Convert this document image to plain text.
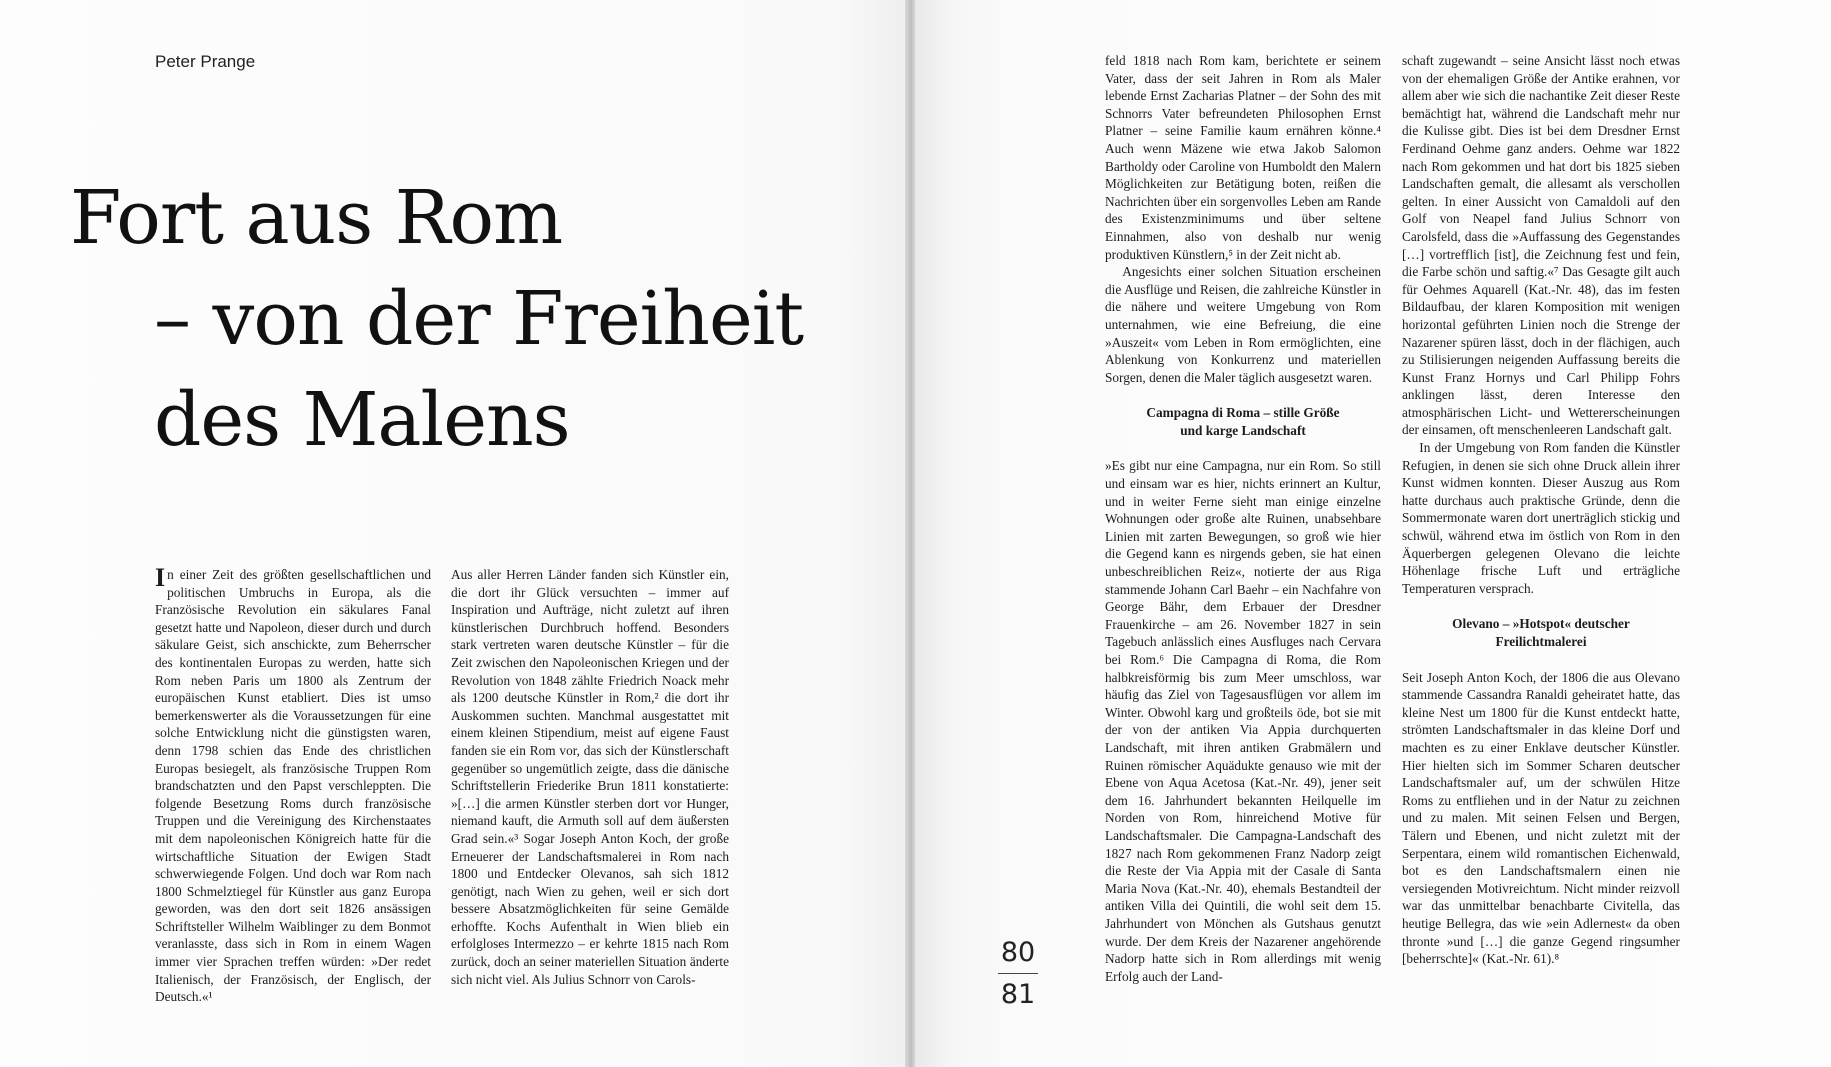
Peter Prange
Fort aus Rom
– von der Freiheit
des Malens

In einer Zeit des größten gesellschaftlichen und politischen Umbruchs in Europa, als die Französische Revolution ein säkulares Fanal gesetzt hatte und Napoleon, dieser durch und durch säkulare Geist, sich anschickte, zum Beherrscher des kontinentalen Europas zu werden, hatte sich Rom neben Paris um 1800 als Zentrum der europäischen Kunst etabliert. Dies ist umso bemerkenswerter als die Voraussetzungen für eine solche Entwicklung nicht die günstigsten waren, denn 1798 schien das Ende des christlichen Europas besiegelt, als französische Truppen Rom brandschatzten und den Papst verschleppten. Die folgende Besetzung Roms durch französische Truppen und die Vereinigung des Kirchenstaates mit dem napoleonischen Königreich hatte für die wirtschaftliche Situation der Ewigen Stadt schwerwiegende Folgen. Und doch war Rom nach 1800 Schmelztiegel für Künstler aus ganz Europa geworden, was den dort seit 1826 ansässigen Schriftsteller Wilhelm Waiblinger zu dem Bonmot veranlasste, dass sich in Rom in einem Wagen immer vier Sprachen treffen würden: »Der redet Italienisch, der Französisch, der Englisch, der Deutsch.«¹

Aus aller Herren Länder fanden sich Künstler ein, die dort ihr Glück versuchten – immer auf Inspiration und Aufträge, nicht zuletzt auf ihren künstlerischen Durchbruch hoffend. Besonders stark vertreten waren deutsche Künstler – für die Zeit zwischen den Napoleonischen Kriegen und der Revolution von 1848 zählte Friedrich Noack mehr als 1200 deutsche Künstler in Rom,² die dort ihr Auskommen suchten. Manchmal ausgestattet mit einem kleinen Stipendium, meist auf eigene Faust fanden sie ein Rom vor, das sich der Künstlerschaft gegenüber so ungemütlich zeigte, dass die dänische Schriftstellerin Friederike Brun 1811 konstatierte: »[…] die armen Künstler sterben dort vor Hunger, niemand kauft, die Armuth soll auf dem äußersten Grad sein.«³ Sogar Joseph Anton Koch, der große Erneuerer der Landschaftsmalerei in Rom nach 1800 und Entdecker Olevanos, sah sich 1812 genötigt, nach Wien zu gehen, weil er sich dort bessere Absatzmöglichkeiten für seine Gemälde erhoffte. Kochs Aufenthalt in Wien blieb ein erfolgloses Intermezzo – er kehrte 1815 nach Rom zurück, doch an seiner materiellen Situation änderte sich nicht viel. Als Julius Schnorr von Carols-

feld 1818 nach Rom kam, berichtete er seinem Vater, dass der seit Jahren in Rom als Maler lebende Ernst Zacharias Platner – der Sohn des mit Schnorrs Vater befreundeten Philosophen Ernst Platner – seine Familie kaum ernähren könne.⁴ Auch wenn Mäzene wie etwa Jakob Salomon Bartholdy oder Caroline von Humboldt den Malern Möglichkeiten zur Betätigung boten, reißen die Nachrichten über ein sorgenvolles Leben am Rande des Existenzminimums und über seltene Einnahmen, also von deshalb nur wenig produktiven Künstlern,⁵ in der Zeit nicht ab.

Angesichts einer solchen Situation erscheinen die Ausflüge und Reisen, die zahlreiche Künstler in die nähere und weitere Umgebung von Rom unternahmen, wie eine Befreiung, die eine »Auszeit« vom Leben in Rom ermöglichten, eine Ablenkung von Konkurrenz und materiellen Sorgen, denen die Maler täglich ausgesetzt waren.

Campagna di Roma – stille Größe
und karge Landschaft

»Es gibt nur eine Campagna, nur ein Rom. So still und einsam war es hier, nichts erinnert an Kultur, und in weiter Ferne sieht man einige einzelne Wohnungen oder große alte Ruinen, unabsehbare Linien mit zarten Bewegungen, so groß wie hier die Gegend kann es nirgends geben, sie hat einen unbeschreiblichen Reiz«, notierte der aus Riga stammende Johann Carl Baehr – ein Nachfahre von George Bähr, dem Erbauer der Dresdner Frauenkirche – am 26. November 1827 in sein Tagebuch anlässlich eines Ausfluges nach Cervara bei Rom.⁶ Die Campagna di Roma, die Rom halbkreisförmig bis zum Meer umschloss, war häufig das Ziel von Tagesausflügen vor allem im Winter. Obwohl karg und großteils öde, bot sie mit der von der antiken Via Appia durchquerten Landschaft, mit ihren antiken Grabmälern und Ruinen römischer Aquädukte genauso wie mit der Ebene von Aqua Acetosa (Kat.-Nr. 49), jener seit dem 16. Jahrhundert bekannten Heilquelle im Norden von Rom, hinreichend Motive für Landschaftsmaler. Die Campagna-Landschaft des 1827 nach Rom gekommenen Franz Nadorp zeigt die Reste der Via Appia mit der Casale di Santa Maria Nova (Kat.-Nr. 40), ehemals Bestandteil der antiken Villa dei Quintili, die wohl seit dem 15. Jahrhundert von Mönchen als Gutshaus genutzt wurde. Der dem Kreis der Nazarener angehörende Nadorp hatte sich in Rom allerdings mit wenig Erfolg auch der Land-

schaft zugewandt – seine Ansicht lässt noch etwas von der ehemaligen Größe der Antike erahnen, vor allem aber wie sich die nachantike Zeit dieser Reste bemächtigt hat, während die Landschaft mehr nur die Kulisse gibt. Dies ist bei dem Dresdner Ernst Ferdinand Oehme ganz anders. Oehme war 1822 nach Rom gekommen und hat dort bis 1825 sieben Landschaften gemalt, die allesamt als verschollen gelten. In einer Aussicht von Camaldoli auf den Golf von Neapel fand Julius Schnorr von Carolsfeld, dass die »Auffassung des Gegenstandes […] vortrefflich [ist], die Zeichnung fest und fein, die Farbe schön und saftig.«⁷ Das Gesagte gilt auch für Oehmes Aquarell (Kat.-Nr. 48), das im festen Bildaufbau, der klaren Komposition mit wenigen horizontal geführten Linien noch die Strenge der Nazarener spüren lässt, doch in der flächigen, auch zu Stilisierungen neigenden Auffassung bereits die Kunst Franz Hornys und Carl Philipp Fohrs anklingen lässt, deren Interesse den atmosphärischen Licht- und Wettererscheinungen der einsamen, oft menschenleeren Landschaft galt.

In der Umgebung von Rom fanden die Künstler Refugien, in denen sie sich ohne Druck allein ihrer Kunst widmen konnten. Dieser Auszug aus Rom hatte durchaus auch praktische Gründe, denn die Sommermonate waren dort unerträglich stickig und schwül, während etwa im östlich von Rom in den Äquerbergen gelegenen Olevano die leichte Höhenlage frische Luft und erträgliche Temperaturen versprach.

Olevano – »Hotspot« deutscher
Freilichtmalerei

Seit Joseph Anton Koch, der 1806 die aus Olevano stammende Cassandra Ranaldi geheiratet hatte, das kleine Nest um 1800 für die Kunst entdeckt hatte, strömten Landschaftsmaler in das kleine Dorf und machten es zu einer Enklave deutscher Künstler. Hier hielten sich im Sommer Scharen deutscher Landschaftsmaler auf, um der schwülen Hitze Roms zu entfliehen und in der Natur zu zeichnen und zu malen. Mit seinen Felsen und Bergen, Tälern und Ebenen, und nicht zuletzt mit der Serpentara, einem wild romantischen Eichenwald, bot es den Landschaftsmalern einen nie versiegenden Motivreichtum. Nicht minder reizvoll war das unmittelbar benachbarte Civitella, das heutige Bellegra, das wie »ein Adlernest« da oben thronte »und […] die ganze Gegend ringsumher [beherrschte]« (Kat.-Nr. 61).⁸

80
81
